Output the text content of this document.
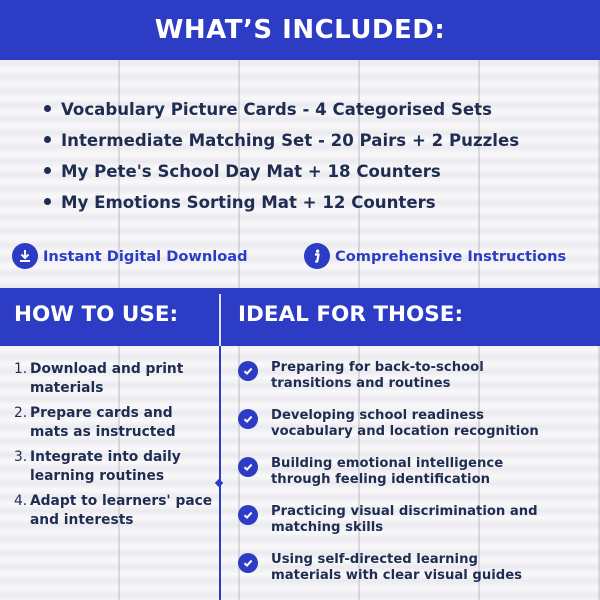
WHAT’S INCLUDED:
Vocabulary Picture Cards - 4 Categorised Sets
Intermediate Matching Set - 20 Pairs + 2 Puzzles
My Pete's School Day Mat + 18 Counters
My Emotions Sorting Mat + 12 Counters
Instant Digital Download	Comprehensive Instructions
HOW TO USE:	IDEAL FOR THOSE:
1. Download and print materials
2. Prepare cards and mats as instructed
3. Integrate into daily learning routines
4. Adapt to learners' pace and interests
Preparing for back-to-school
transitions and routines
Developing school readiness
vocabulary and location recognition
Building emotional intelligence
through feeling identification
Practicing visual discrimination and
matching skills
Using self-directed learning
materials with clear visual guides
